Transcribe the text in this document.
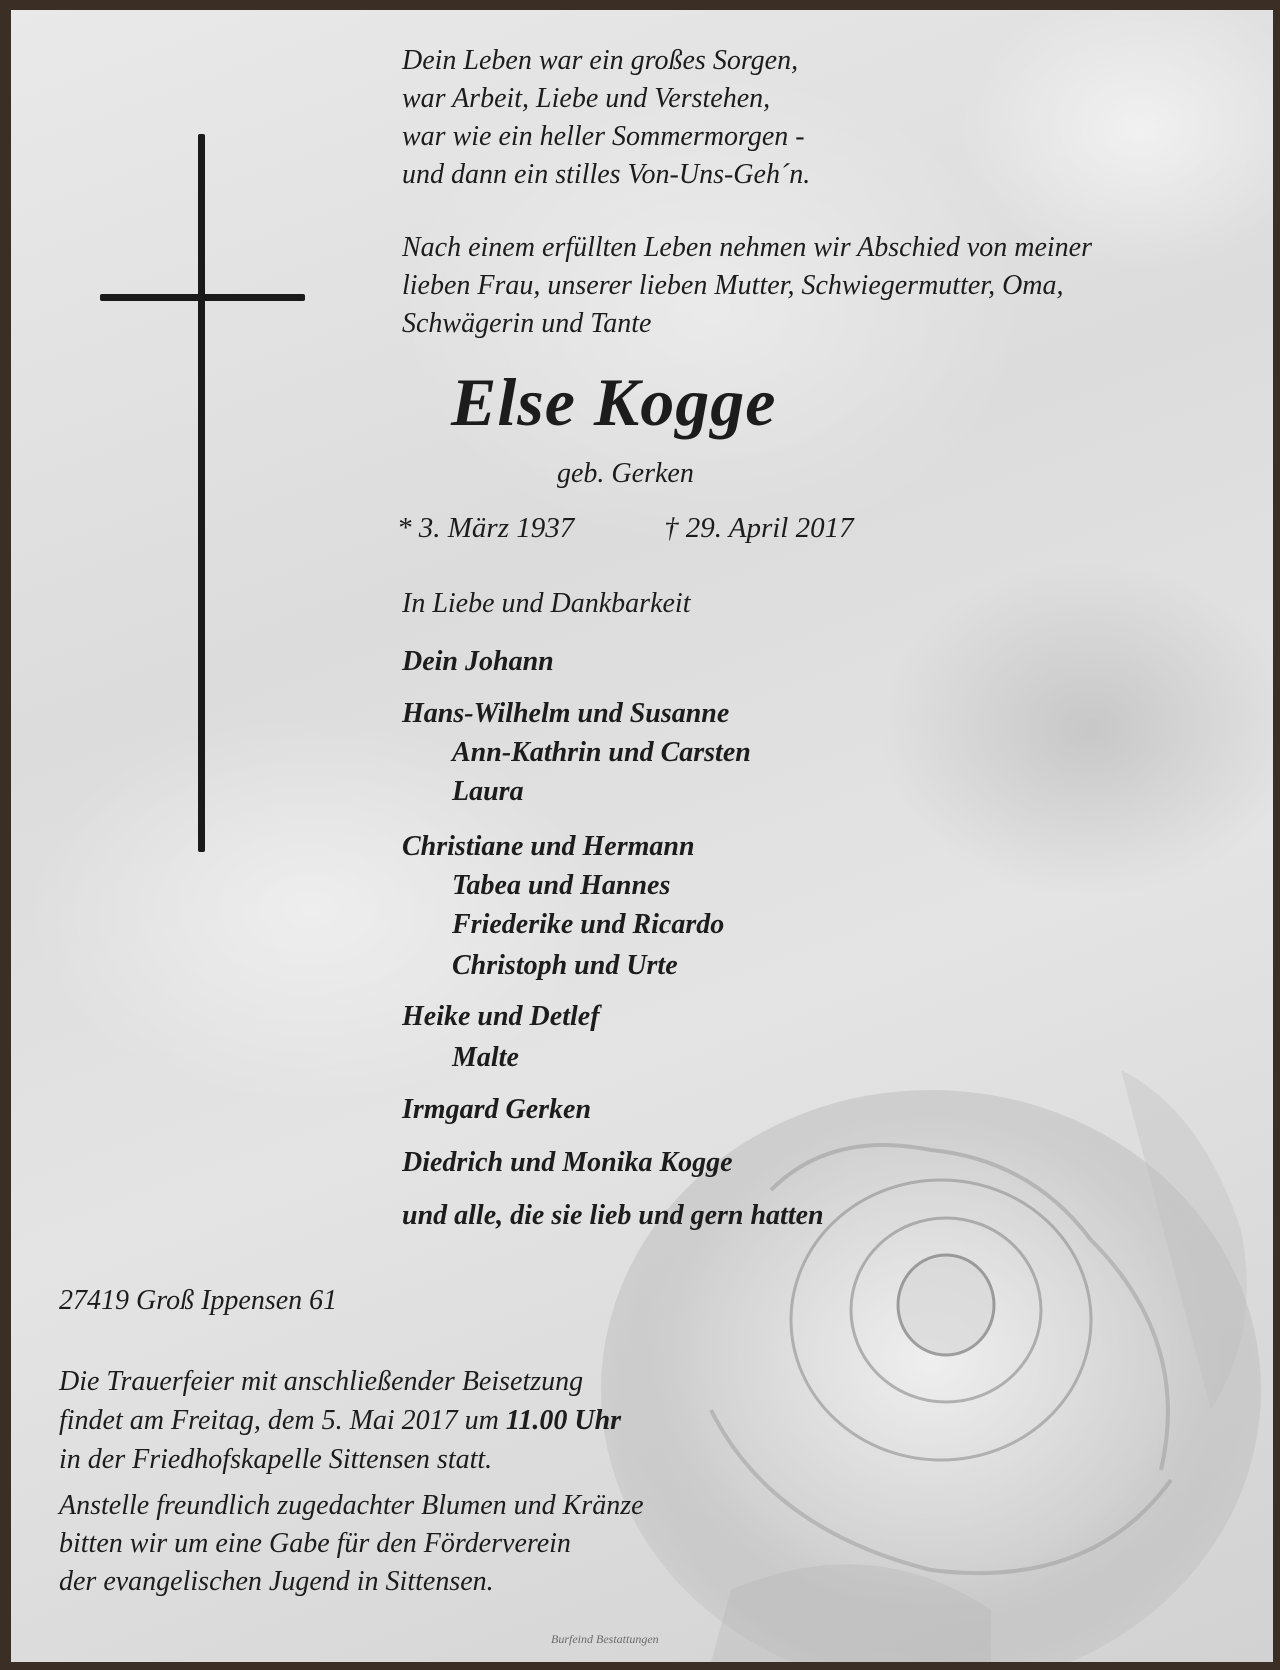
Dein Leben war ein großes Sorgen,
war Arbeit, Liebe und Verstehen,
war wie ein heller Sommermorgen -
und dann ein stilles Von-Uns-Geh´n.
Nach einem erfüllten Leben nehmen wir Abschied von meiner
lieben Frau, unserer lieben Mutter, Schwiegermutter, Oma,
Schwägerin und Tante
Else Kogge
geb. Gerken
* 3. März 1937	† 29. April 2017
In Liebe und Dankbarkeit
Dein Johann
Hans-Wilhelm und Susanne
Ann-Kathrin und Carsten
Laura
Christiane und Hermann
Tabea und Hannes
Friederike und Ricardo
Christoph und Urte
Heike und Detlef
Malte
Irmgard Gerken
Diedrich und Monika Kogge
und alle, die sie lieb und gern hatten
27419 Groß Ippensen 61
Die Trauerfeier mit anschließender Beisetzung
findet am Freitag, dem 5. Mai 2017 um 11.00 Uhr
in der Friedhofskapelle Sittensen statt.
Anstelle freundlich zugedachter Blumen und Kränze
bitten wir um eine Gabe für den Förderverein
der evangelischen Jugend in Sittensen.
Burfeind Bestattungen
